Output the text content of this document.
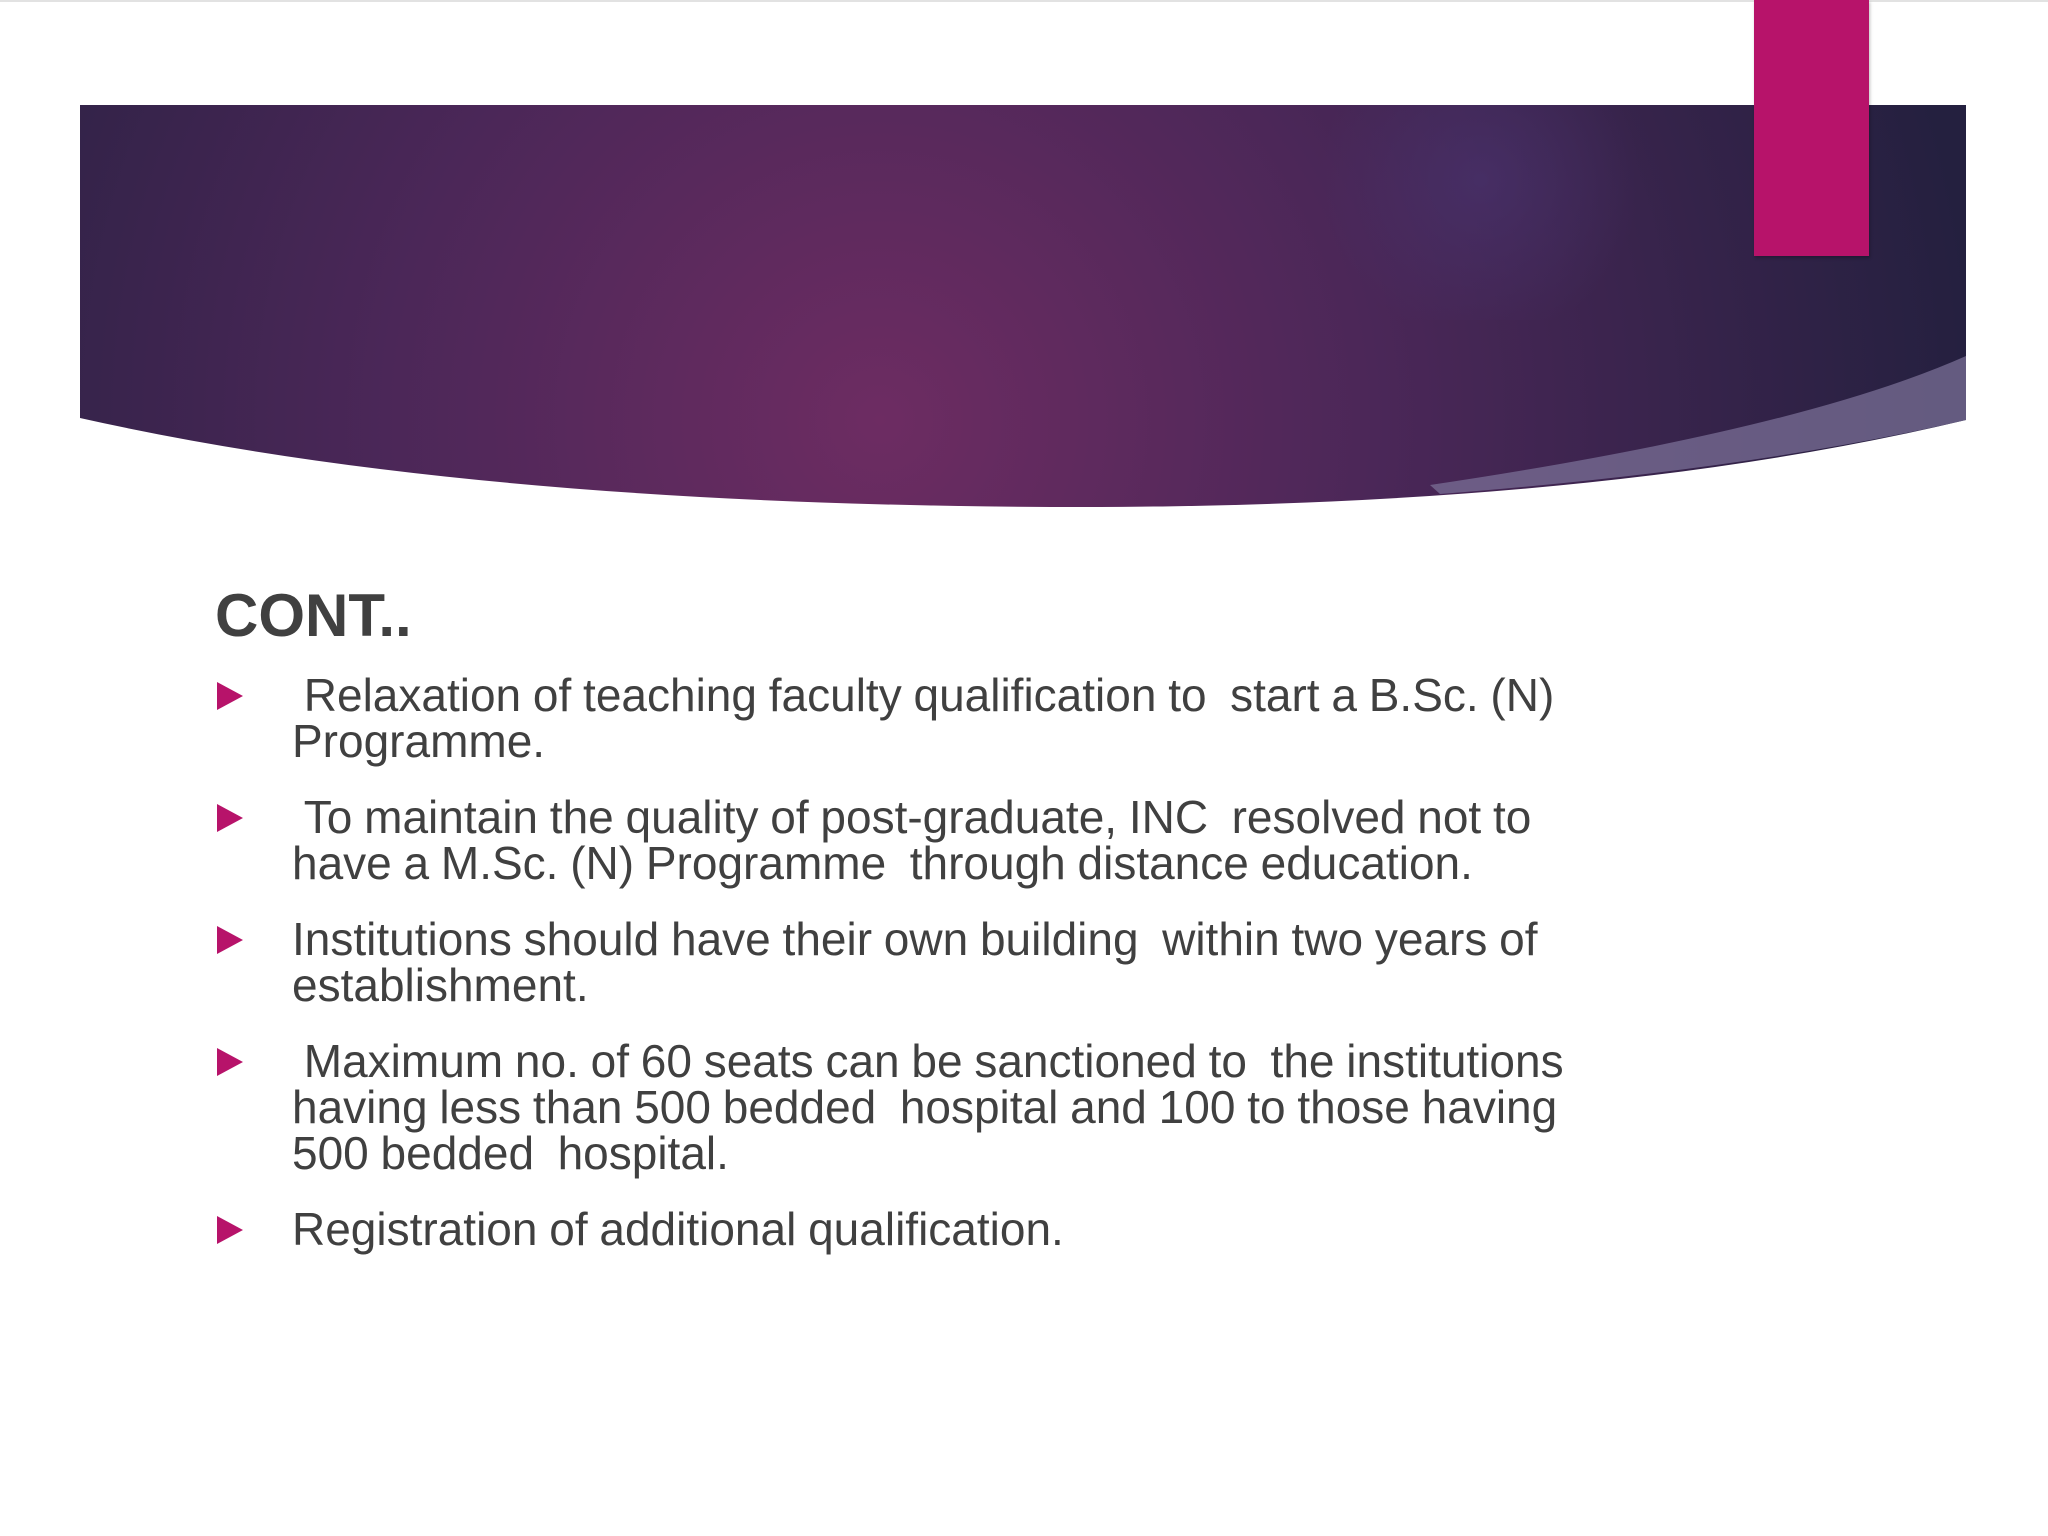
CONT..
Relaxation of teaching faculty qualification to  start a B.Sc. (N)
Programme.
To maintain the quality of post-graduate, INC  resolved not to
have a M.Sc. (N) Programme  through distance education.
Institutions should have their own building  within two years of
establishment.
Maximum no. of 60 seats can be sanctioned to  the institutions
having less than 500 bedded  hospital and 100 to those having
500 bedded  hospital.
Registration of additional qualification.
